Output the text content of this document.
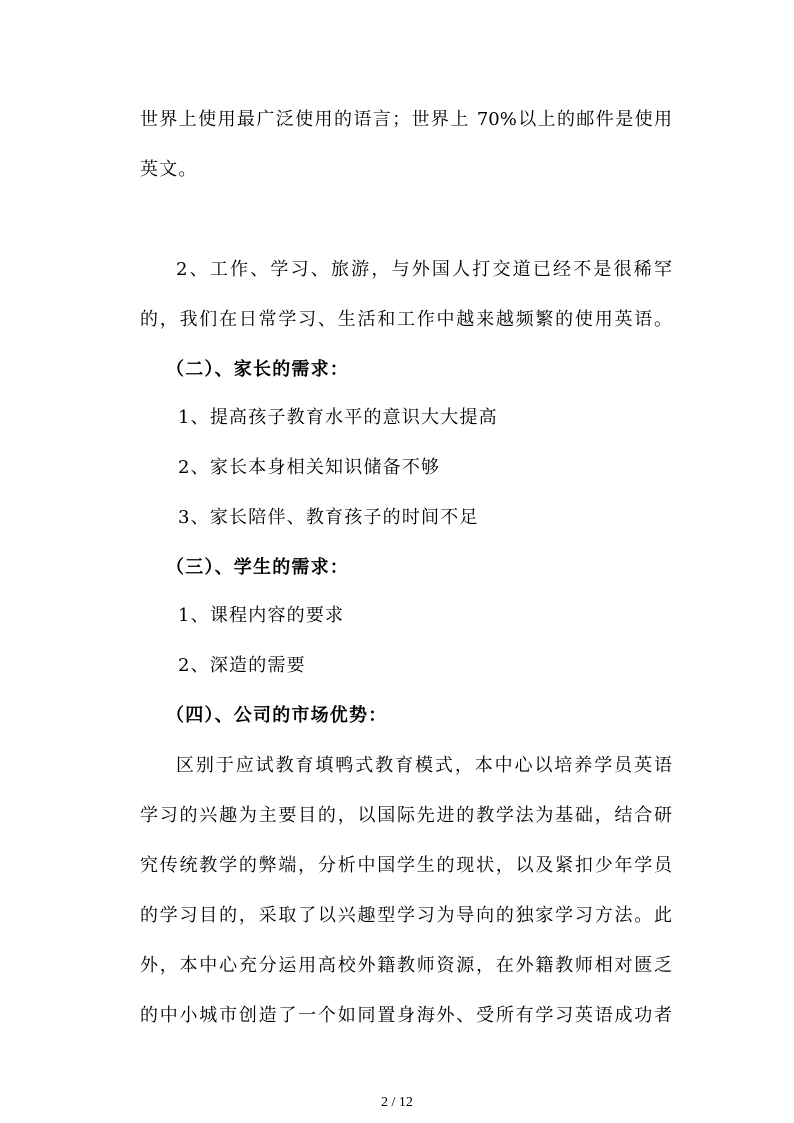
世界上使用最广泛使用的语言；世界上 70%以上的邮件是使用
英文。
2、工作、学习、旅游，与外国人打交道已经不是很稀罕
的，我们在日常学习、生活和工作中越来越频繁的使用英语。
（二）、家长的需求：
1、提高孩子教育水平的意识大大提高
2、家长本身相关知识储备不够
3、家长陪伴、教育孩子的时间不足
（三）、学生的需求：
1、课程内容的要求
2、深造的需要
（四）、公司的市场优势：
区别于应试教育填鸭式教育模式，本中心以培养学员英语
学习的兴趣为主要目的，以国际先进的教学法为基础，结合研
究传统教学的弊端，分析中国学生的现状，以及紧扣少年学员
的学习目的，采取了以兴趣型学习为导向的独家学习方法。此
外，本中心充分运用高校外籍教师资源，在外籍教师相对匮乏
的中小城市创造了一个如同置身海外、受所有学习英语成功者
2 / 12
